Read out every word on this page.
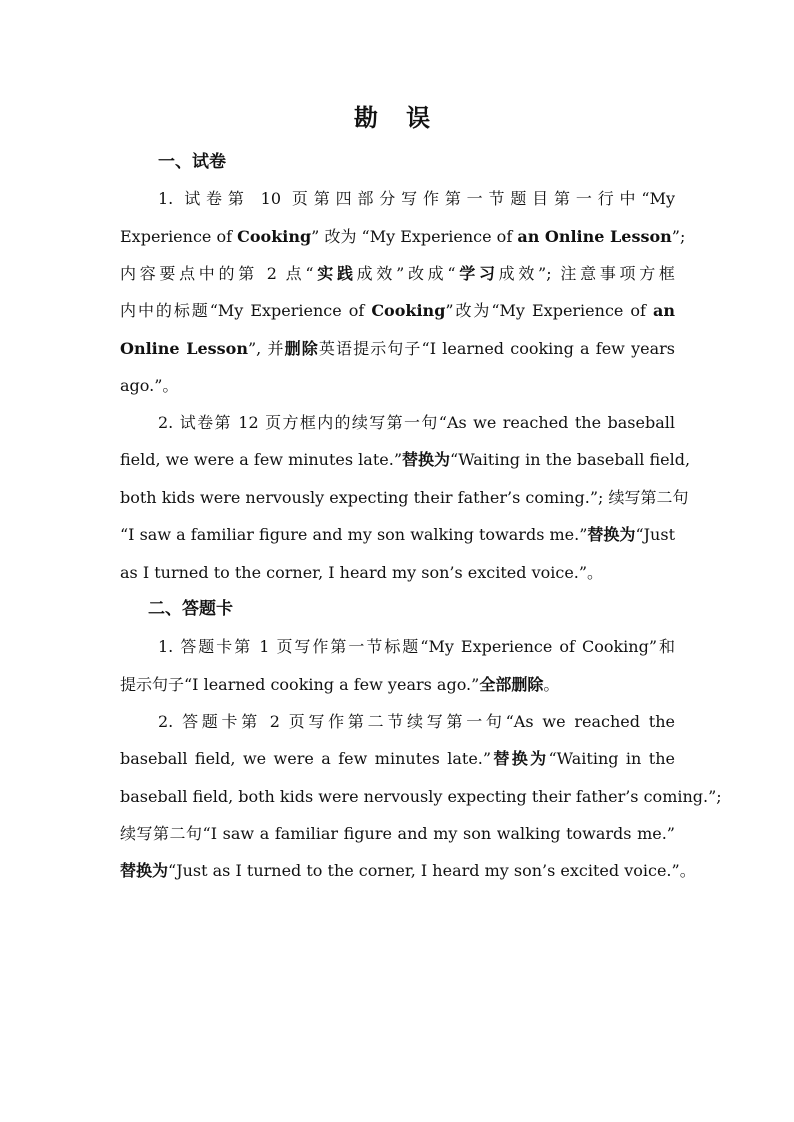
勘 误
一、试卷
1. 试卷第 10 页第四部分写作第一节题目第一行中“My
Experience of Cooking” 改为 “My Experience of an Online Lesson”;
内容要点中的第 2 点“实践成效”改成“学习成效”; 注意事项方框
内中的标题“My Experience of Cooking”改为“My Experience of an
Online Lesson”, 并删除英语提示句子“I learned cooking a few years
ago.”。
2. 试卷第 12 页方框内的续写第一句“As we reached the baseball
field, we were a few minutes late.”替换为“Waiting in the baseball field,
both kids were nervously expecting their father’s coming.”; 续写第二句
“I saw a familiar figure and my son walking towards me.”替换为“Just
as I turned to the corner, I heard my son’s excited voice.”。
二、答题卡
1. 答题卡第 1 页写作第一节标题“My Experience of Cooking”和
提示句子“I learned cooking a few years ago.”全部删除。
2. 答题卡第 2 页写作第二节续写第一句“As we reached the
baseball field, we were a few minutes late.”替换为“Waiting in the
baseball field, both kids were nervously expecting their father’s coming.”;
续写第二句“I saw a familiar figure and my son walking towards me.”
替换为“Just as I turned to the corner, I heard my son’s excited voice.”。
